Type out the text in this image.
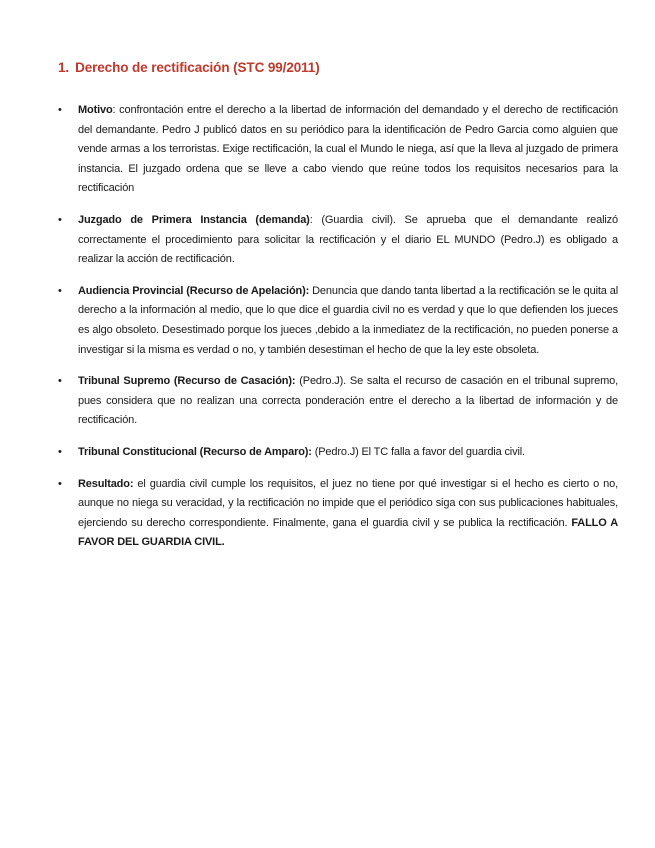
1. Derecho de rectificación (STC 99/2011)
• Motivo: confrontación entre el derecho a la libertad de información del demandado y el derecho de rectificación del demandante. Pedro J publicó datos en su periódico para la identificación de Pedro Garcia como alguien que vende armas a los terroristas. Exige rectificación, la cual el Mundo le niega, así que la lleva al juzgado de primera instancia. El juzgado ordena que se lleve a cabo viendo que reúne todos los requisitos necesarios para la rectificación
• Juzgado de Primera Instancia (demanda): (Guardia civil). Se aprueba que el demandante realizó correctamente el procedimiento para solicitar la rectificación y el diario EL MUNDO (Pedro.J) es obligado a realizar la acción de rectificación.
• Audiencia Provincial (Recurso de Apelación): Denuncia que dando tanta libertad a la rectificación se le quita al derecho a la información al medio, que lo que dice el guardia civil no es verdad y que lo que defienden los jueces es algo obsoleto. Desestimado porque los jueces ,debido a la inmediatez de la rectificación, no pueden ponerse a investigar si la misma es verdad o no, y también desestiman el hecho de que la ley este obsoleta.
• Tribunal Supremo (Recurso de Casación): (Pedro.J). Se salta el recurso de casación en el tribunal supremo, pues considera que no realizan una correcta ponderación entre el derecho a la libertad de información y de rectificación.
• Tribunal Constitucional (Recurso de Amparo): (Pedro.J) El TC falla a favor del guardia civil.
• Resultado: el guardia civil cumple los requisitos, el juez no tiene por qué investigar si el hecho es cierto o no, aunque no niega su veracidad, y la rectificación no impide que el periódico siga con sus publicaciones habituales, ejerciendo su derecho correspondiente. Finalmente, gana el guardia civil y se publica la rectificación. FALLO A FAVOR DEL GUARDIA CIVIL.
